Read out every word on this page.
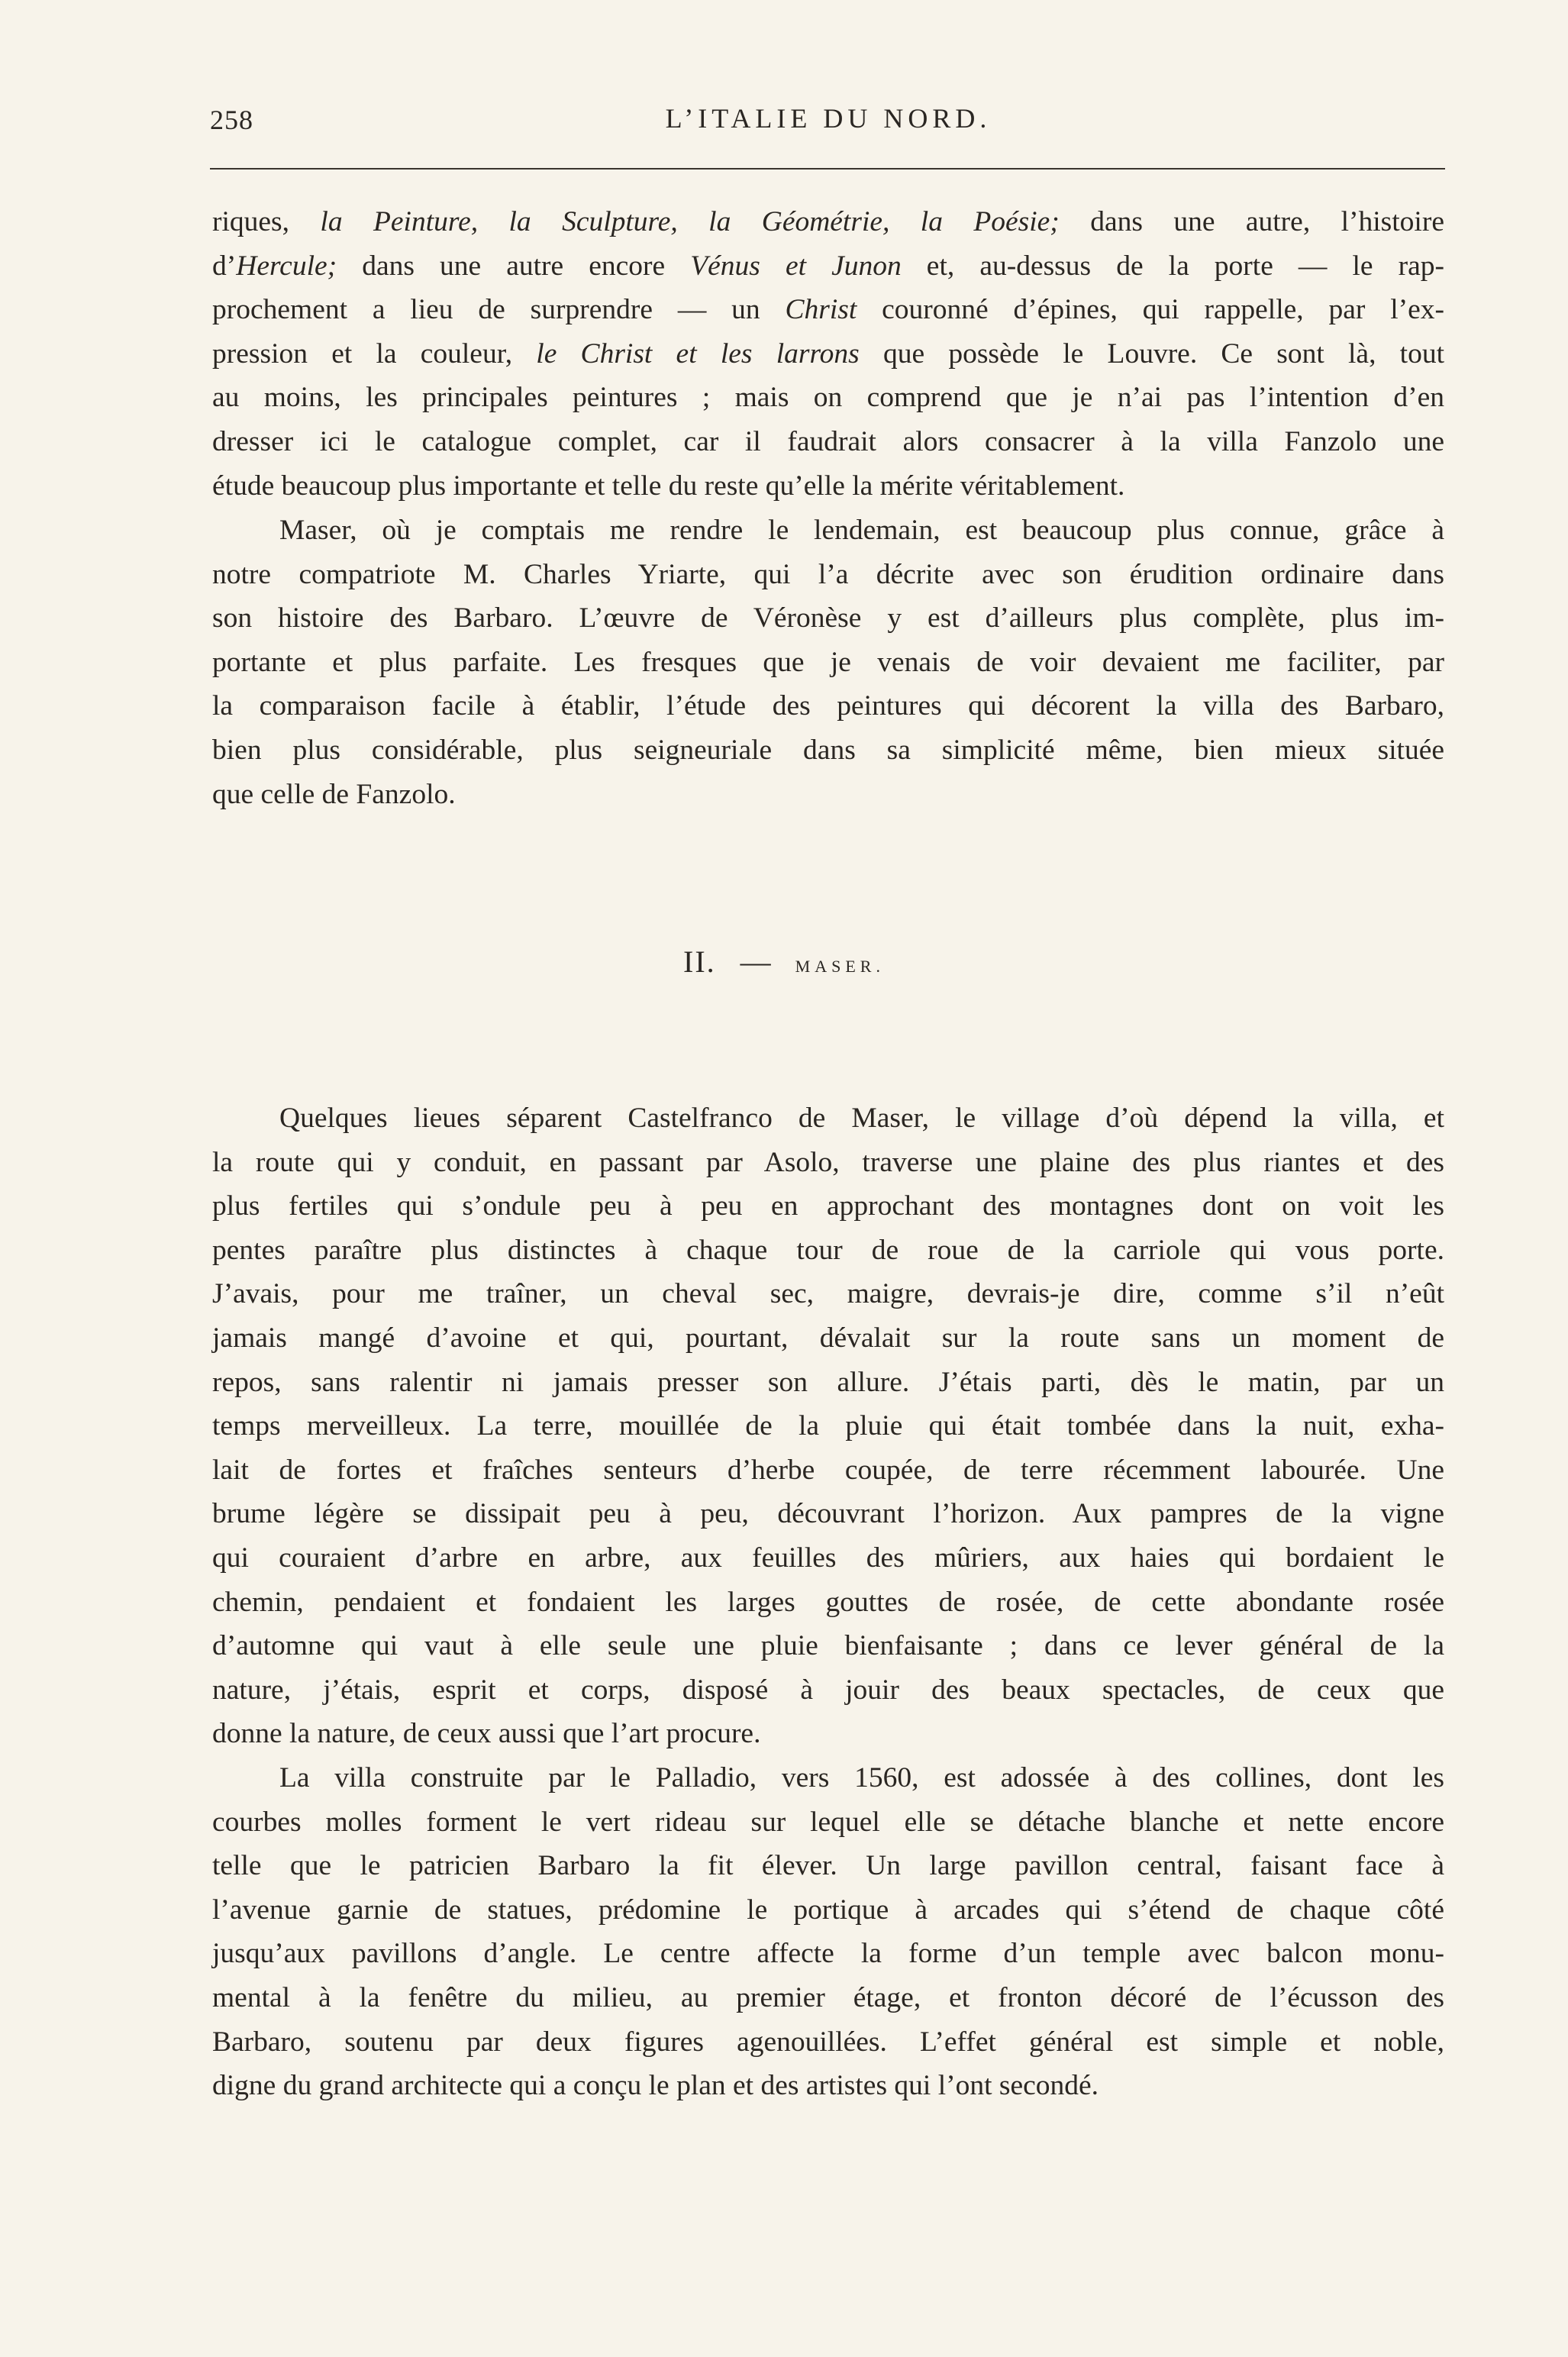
258	L’ITALIE DU NORD.
riques, la Peinture, la Sculpture, la Géométrie, la Poésie; dans une autre, l’histoire
d’Hercule; dans une autre encore Vénus et Junon et, au-dessus de la porte — le rap-
prochement a lieu de surprendre — un Christ couronné d’épines, qui rappelle, par l’ex-
pression et la couleur, le Christ et les larrons que possède le Louvre. Ce sont là, tout
au moins, les principales peintures ; mais on comprend que je n’ai pas l’intention d’en
dresser ici le catalogue complet, car il faudrait alors consacrer à la villa Fanzolo une
étude beaucoup plus importante et telle du reste qu’elle la mérite véritablement.
Maser, où je comptais me rendre le lendemain, est beaucoup plus connue, grâce à
notre compatriote M. Charles Yriarte, qui l’a décrite avec son érudition ordinaire dans
son histoire des Barbaro. L’œuvre de Véronèse y est d’ailleurs plus complète, plus im-
portante et plus parfaite. Les fresques que je venais de voir devaient me faciliter, par
la comparaison facile à établir, l’étude des peintures qui décorent la villa des Barbaro,
bien plus considérable, plus seigneuriale dans sa simplicité même, bien mieux située
que celle de Fanzolo.
II. — MASER.
Quelques lieues séparent Castelfranco de Maser, le village d’où dépend la villa, et
la route qui y conduit, en passant par Asolo, traverse une plaine des plus riantes et des
plus fertiles qui s’ondule peu à peu en approchant des montagnes dont on voit les
pentes paraître plus distinctes à chaque tour de roue de la carriole qui vous porte.
J’avais, pour me traîner, un cheval sec, maigre, devrais-je dire, comme s’il n’eût
jamais mangé d’avoine et qui, pourtant, dévalait sur la route sans un moment de
repos, sans ralentir ni jamais presser son allure. J’étais parti, dès le matin, par un
temps merveilleux. La terre, mouillée de la pluie qui était tombée dans la nuit, exha-
lait de fortes et fraîches senteurs d’herbe coupée, de terre récemment labourée. Une
brume légère se dissipait peu à peu, découvrant l’horizon. Aux pampres de la vigne
qui couraient d’arbre en arbre, aux feuilles des mûriers, aux haies qui bordaient le
chemin, pendaient et fondaient les larges gouttes de rosée, de cette abondante rosée
d’automne qui vaut à elle seule une pluie bienfaisante ; dans ce lever général de la
nature, j’étais, esprit et corps, disposé à jouir des beaux spectacles, de ceux que
donne la nature, de ceux aussi que l’art procure.
La villa construite par le Palladio, vers 1560, est adossée à des collines, dont les
courbes molles forment le vert rideau sur lequel elle se détache blanche et nette encore
telle que le patricien Barbaro la fit élever. Un large pavillon central, faisant face à
l’avenue garnie de statues, prédomine le portique à arcades qui s’étend de chaque côté
jusqu’aux pavillons d’angle. Le centre affecte la forme d’un temple avec balcon monu-
mental à la fenêtre du milieu, au premier étage, et fronton décoré de l’écusson des
Barbaro, soutenu par deux figures agenouillées. L’effet général est simple et noble,
digne du grand architecte qui a conçu le plan et des artistes qui l’ont secondé.
